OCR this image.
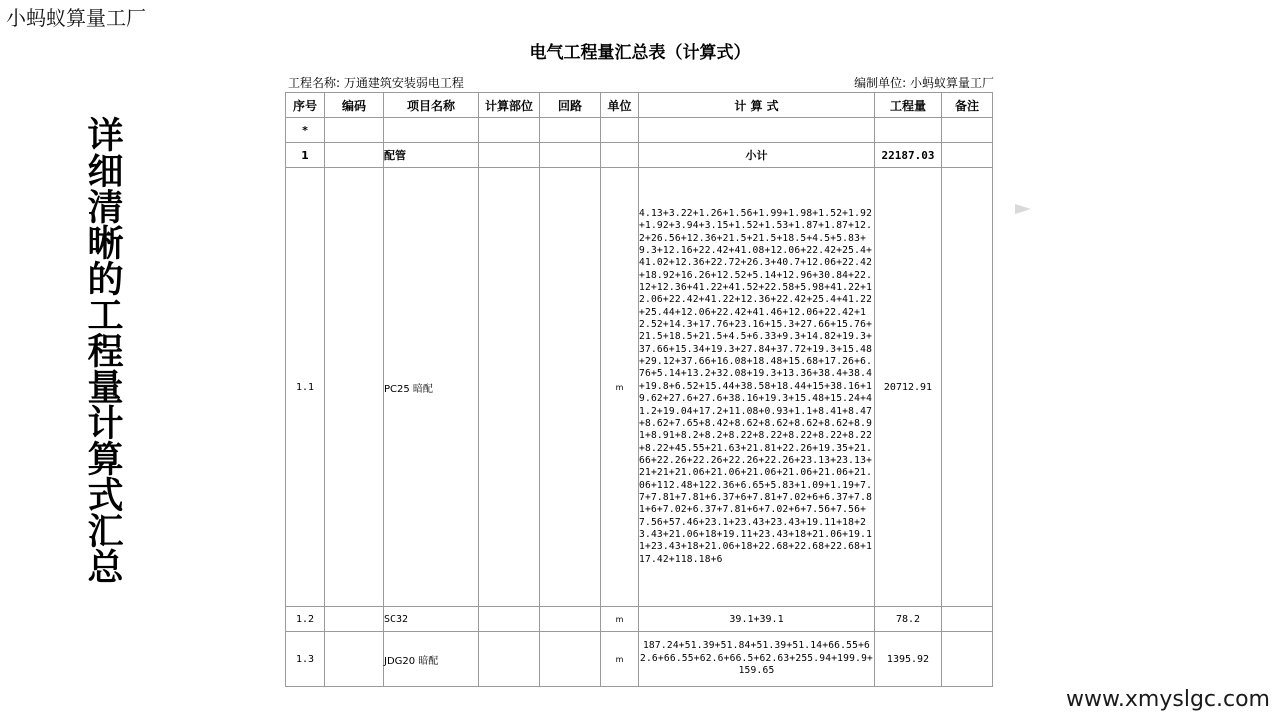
小蚂蚁算量工厂
详细清晰的工程量计算式汇总
电气工程量汇总表（计算式）
工程名称: 万通建筑安装弱电工程	编制单位: 小蚂蚁算量工厂
序号	编码	项目名称	计算部位	回路	单位	计 算 式	工程量	备注
*								
1		配管				小计	22187.03	
1.1		PC25 暗配			m	4.13+3.22+1.26+1.56+1.99+1.98+1.52+1.92+1.92+3.94+3.15+1.52+1.53+1.87+1.87+12.2+26.56+12.36+21.5+21.5+18.5+4.5+5.83+9.3+12.16+22.42+41.08+12.06+22.42+25.4+41.02+12.36+22.72+26.3+40.7+12.06+22.42+18.92+16.26+12.52+5.14+12.96+30.84+22.12+12.36+41.22+41.52+22.58+5.98+41.22+12.06+22.42+41.22+12.36+22.42+25.4+41.22+25.44+12.06+22.42+41.46+12.06+22.42+12.52+14.3+17.76+23.16+15.3+27.66+15.76+21.5+18.5+21.5+4.5+6.33+9.3+14.82+19.3+37.66+15.34+19.3+27.84+37.72+19.3+15.48+29.12+37.66+16.08+18.48+15.68+17.26+6.76+5.14+13.2+32.08+19.3+13.36+38.4+38.4+19.8+6.52+15.44+38.58+18.44+15+38.16+19.62+27.6+27.6+38.16+19.3+15.48+15.24+41.2+19.04+17.2+11.08+0.93+1.1+8.41+8.47+8.62+7.65+8.42+8.62+8.62+8.62+8.62+8.91+8.91+8.2+8.2+8.22+8.22+8.22+8.22+8.22+8.22+45.55+21.63+21.81+22.26+19.35+21.66+22.26+22.26+22.26+22.26+23.13+23.13+21+21+21.06+21.06+21.06+21.06+21.06+21.06+112.48+122.36+6.65+5.83+1.09+1.19+7.7+7.81+7.81+6.37+6+7.81+7.02+6+6.37+7.81+6+7.02+6.37+7.81+6+7.02+6+7.56+7.56+7.56+57.46+23.1+23.43+23.43+19.11+18+23.43+21.06+18+19.11+23.43+18+21.06+19.11+23.43+18+21.06+18+22.68+22.68+22.68+117.42+118.18+6	20712.91	
1.2		SC32			m	39.1+39.1	78.2	
1.3		JDG20 暗配			m	187.24+51.39+51.84+51.39+51.14+66.55+62.6+66.55+62.6+66.5+62.63+255.94+199.9+159.65	1395.92	
www.xmyslgc.com
